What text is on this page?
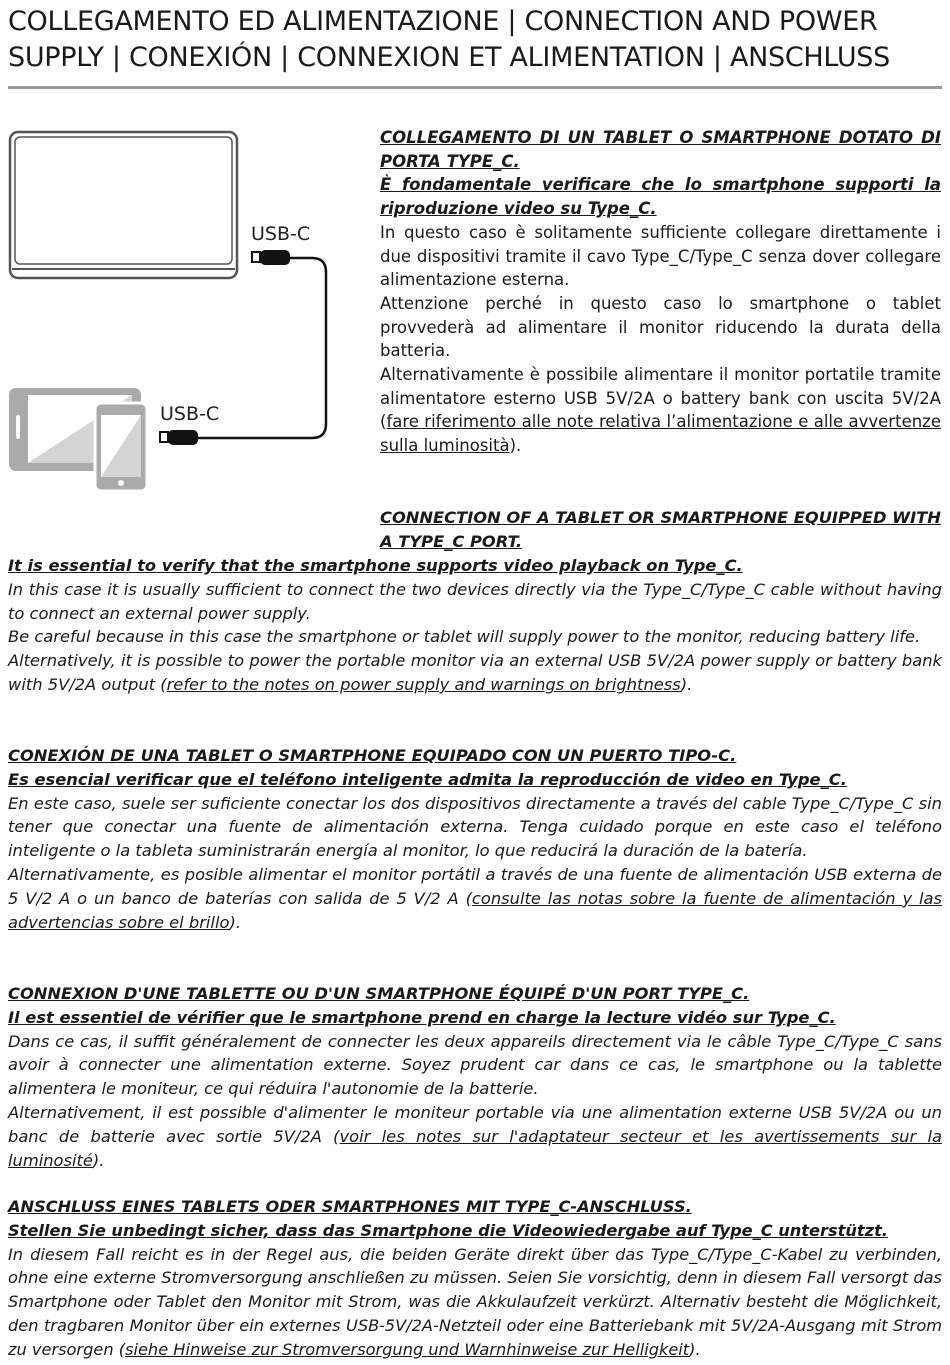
COLLEGAMENTO ED ALIMENTAZIONE | CONNECTION AND POWER SUPPLY | CONEXIÓN | CONNEXION ET ALIMENTATION | ANSCHLUSS
USB-C
USB-C

COLLEGAMENTO DI UN TABLET O SMARTPHONE DOTATO DI PORTA TYPE_C.

È fondamentale verificare che lo smartphone supporti la riproduzione video su Type_C.

In questo caso è solitamente sufficiente collegare direttamente i due dispositivi tramite il cavo Type_C/Type_C senza dover collegare alimentazione esterna.

Attenzione perché in questo caso lo smartphone o tablet provvederà ad alimentare il monitor riducendo la durata della batteria.

Alternativamente è possibile alimentare il monitor portatile tramite alimentatore esterno USB 5V/2A o battery bank con uscita 5V/2A (fare riferimento alle note relativa l’alimentazione e alle avvertenze sulla luminosità).

CONNECTION OF A TABLET OR SMARTPHONE EQUIPPED WITH A TYPE_C PORT.

It is essential to verify that the smartphone supports video playback on Type_C.

In this case it is usually sufficient to connect the two devices directly via the Type_C/Type_C cable without having to connect an external power supply.

Be careful because in this case the smartphone or tablet will supply power to the monitor, reducing battery life.

Alternatively, it is possible to power the portable monitor via an external USB 5V/2A power supply or battery bank with 5V/2A output (refer to the notes on power supply and warnings on brightness).

CONEXIÓN DE UNA TABLET O SMARTPHONE EQUIPADO CON UN PUERTO TIPO-C.

Es esencial verificar que el teléfono inteligente admita la reproducción de video en Type_C.

En este caso, suele ser suficiente conectar los dos dispositivos directamente a través del cable Type_C/Type_C sin tener que conectar una fuente de alimentación externa. Tenga cuidado porque en este caso el teléfono inteligente o la tableta suministrarán energía al monitor, lo que reducirá la duración de la batería.

Alternativamente, es posible alimentar el monitor portátil a través de una fuente de alimentación USB externa de 5 V/2 A o un banco de baterías con salida de 5 V/2 A (consulte las notas sobre la fuente de alimentación y las advertencias sobre el brillo).

CONNEXION D'UNE TABLETTE OU D'UN SMARTPHONE ÉQUIPÉ D'UN PORT TYPE_C.

Il est essentiel de vérifier que le smartphone prend en charge la lecture vidéo sur Type_C.

Dans ce cas, il suffit généralement de connecter les deux appareils directement via le câble Type_C/Type_C sans avoir à connecter une alimentation externe. Soyez prudent car dans ce cas, le smartphone ou la tablette alimentera le moniteur, ce qui réduira l'autonomie de la batterie.

Alternativement, il est possible d'alimenter le moniteur portable via une alimentation externe USB 5V/2A ou un banc de batterie avec sortie 5V/2A (voir les notes sur l'adaptateur secteur et les avertissements sur la luminosité).

ANSCHLUSS EINES TABLETS ODER SMARTPHONES MIT TYPE_C-ANSCHLUSS.

Stellen Sie unbedingt sicher, dass das Smartphone die Videowiedergabe auf Type_C unterstützt.

In diesem Fall reicht es in der Regel aus, die beiden Geräte direkt über das Type_C/Type_C-Kabel zu verbinden, ohne eine externe Stromversorgung anschließen zu müssen. Seien Sie vorsichtig, denn in diesem Fall versorgt das Smartphone oder Tablet den Monitor mit Strom, was die Akkulaufzeit verkürzt. Alternativ besteht die Möglichkeit, den tragbaren Monitor über ein externes USB-5V/2A-Netzteil oder eine Batteriebank mit 5V/2A-Ausgang mit Strom zu versorgen (siehe Hinweise zur Stromversorgung und Warnhinweise zur Helligkeit).
